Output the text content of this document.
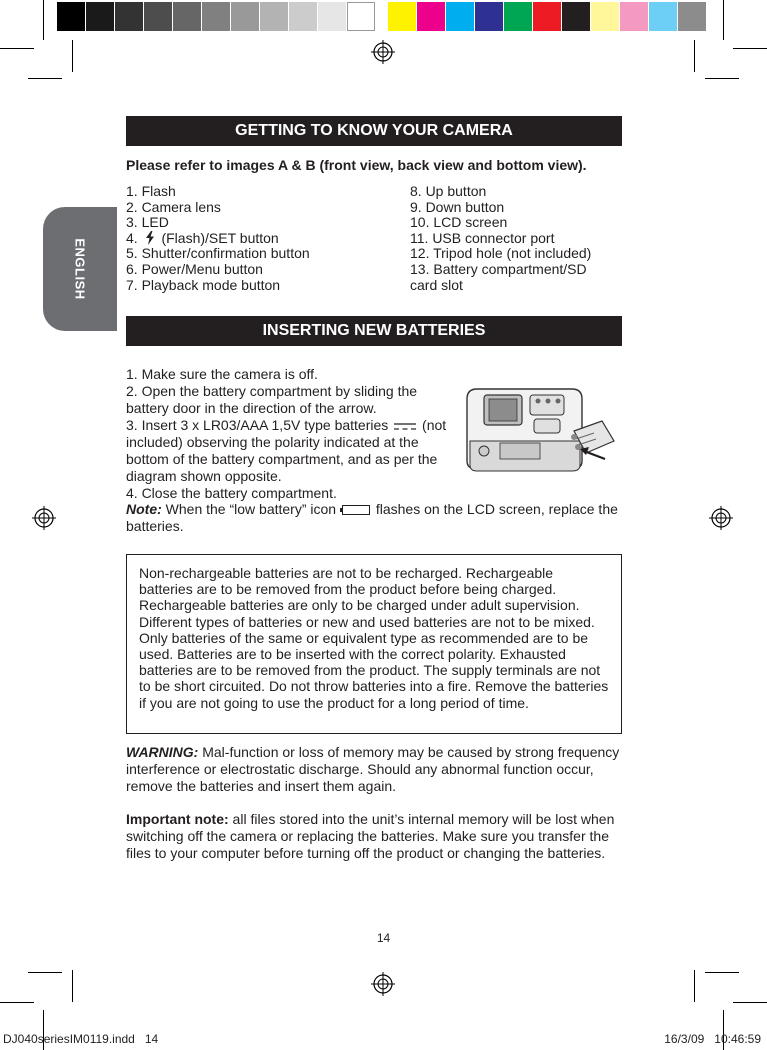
ENGLISH
GETTING TO KNOW YOUR CAMERA
Please refer to images A & B (front view, back view and bottom view).
1. Flash
2. Camera lens
3. LED
4. (Flash)/SET button
5. Shutter/confirmation button
6. Power/Menu button
7. Playback mode button
8. Up button
9. Down button
10. LCD screen
11. USB connector port
12. Tripod hole (not included)
13. Battery compartment/SD
card slot
INSERTING NEW BATTERIES

1. Make sure the camera is off.

2. Open the battery compartment by sliding the battery door in the direction of the arrow.

3. Insert 3 x LR03/AAA 1,5V type batteries (not included) observing the polarity indicated at the bottom of the battery compartment, and as per the diagram shown opposite.

4. Close the battery compartment.

Note: When the “low battery” icon	flashes on the LCD screen, replace the batteries.

Non-rechargeable batteries are not to be recharged. Rechargeable batteries are to be removed from the product before being charged. Rechargeable batteries are only to be charged under adult supervision. Different types of batteries or new and used batteries are not to be mixed. Only batteries of the same or equivalent type as recommended are to be used. Batteries are to be inserted with the correct polarity. Exhausted batteries are to be removed from the product. The supply terminals are not to be short circuited. Do not throw batteries into a fire. Remove the batteries if you are not going to use the product for a long period of time.

WARNING: Mal-function or loss of memory may be caused by strong frequency interference or electrostatic discharge. Should any abnormal function occur, remove the batteries and insert them again.
Important note: all files stored into the unit’s internal memory will be lost when switching off the camera or replacing the batteries. Make sure you transfer the files to your computer before turning off the product or changing the batteries.
14
DJ040seriesIM0119.indd   14	16/3/09   10:46:59
